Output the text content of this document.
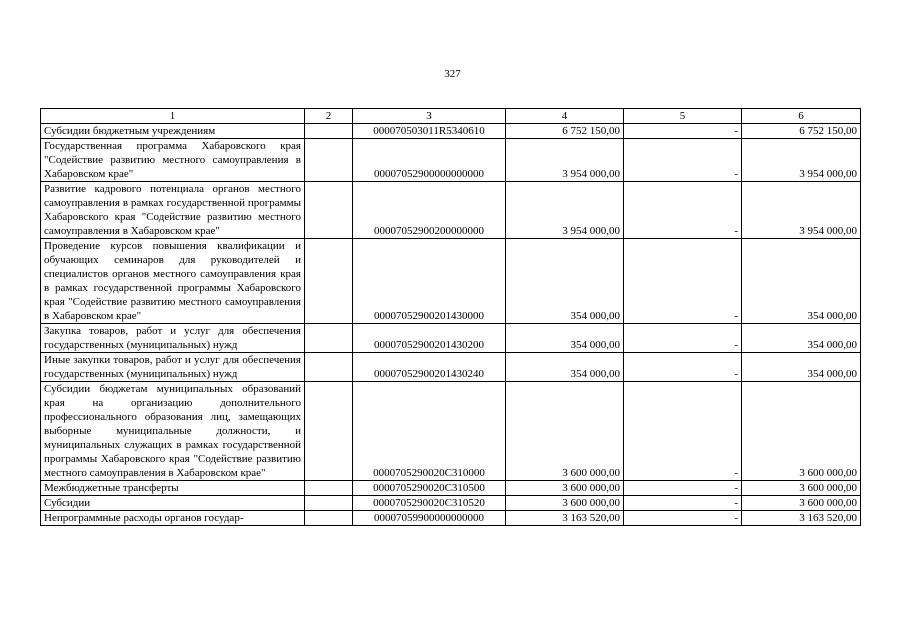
327
1	2	3	4	5	6
Субсидии бюджетным учреждениям		000070503011R5340610	6 752 150,00	-	6 752 150,00
Государственная программа Хабаровского края "Содействие развитию местного самоуправления в Хабаровском крае"		00007052900000000000	3 954 000,00	-	3 954 000,00
Развитие кадрового потенциала органов местного самоуправления в рамках государственной программы Хабаровского края "Содействие развитию местного самоуправления в Хабаровском крае"		00007052900200000000	3 954 000,00	-	3 954 000,00
Проведение курсов повышения квалификации и обучающих семинаров для руководителей и специалистов органов местного самоуправления края в рамках государственной программы Хабаровского края "Содействие развитию местного самоуправления в Хабаровском крае"		00007052900201430000	354 000,00	-	354 000,00
Закупка товаров, работ и услуг для обеспечения государственных (муниципальных) нужд		00007052900201430200	354 000,00	-	354 000,00
Иные закупки товаров, работ и услуг для обеспечения государственных (муниципальных) нужд		00007052900201430240	354 000,00	-	354 000,00
Субсидии бюджетам муниципальных образований края на организацию дополнительного профессионального образования лиц, замещающих выборные муниципальные должности, и муниципальных служащих в рамках государственной программы Хабаровского края "Содействие развитию местного самоуправления в Хабаровском крае"		0000705290020C310000	3 600 000,00	-	3 600 000,00
Межбюджетные трансферты		0000705290020C310500	3 600 000,00	-	3 600 000,00
Субсидии		0000705290020C310520	3 600 000,00	-	3 600 000,00
Непрограммные расходы органов государ-		00007059900000000000	3 163 520,00	-	3 163 520,00
